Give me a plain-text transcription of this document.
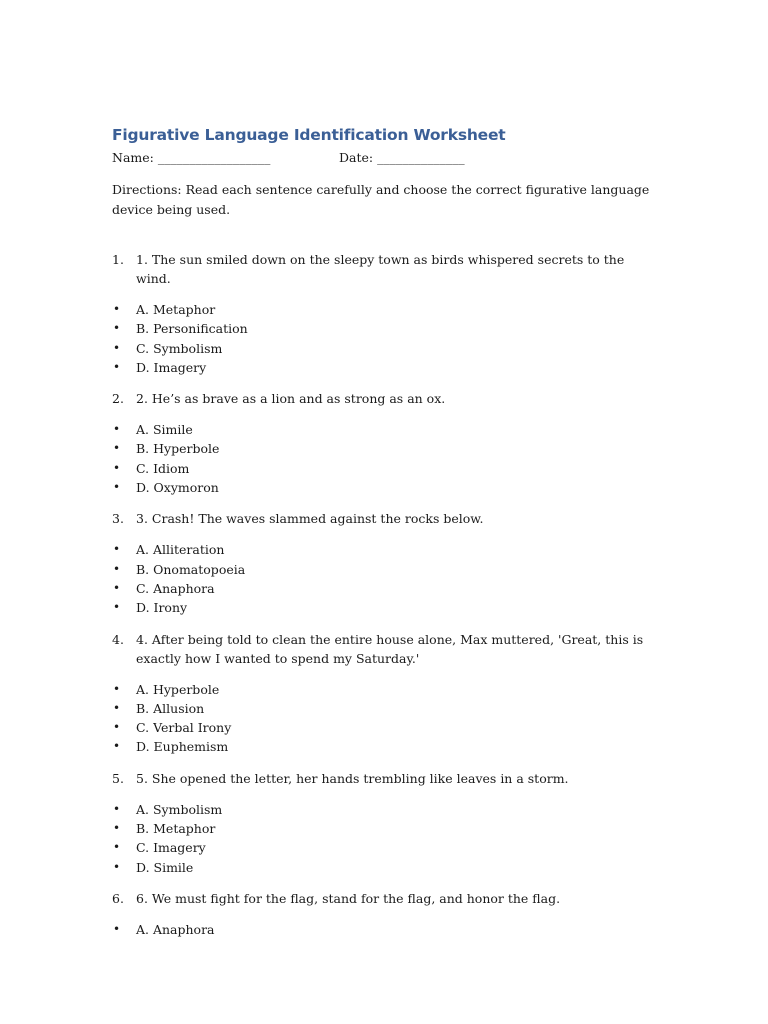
Figurative Language Identification Worksheet
Name: __________________	Date: ______________

Directions: Read each sentence carefully and choose the correct figurative language device being used.

1. 1. The sun smiled down on the sleepy town as birds whispered secrets to the wind.

• A. Metaphor
• B. Personification
• C. Symbolism
• D. Imagery

2. 2. He’s as brave as a lion and as strong as an ox.

• A. Simile
• B. Hyperbole
• C. Idiom
• D. Oxymoron

3. 3. Crash! The waves slammed against the rocks below.

• A. Alliteration
• B. Onomatopoeia
• C. Anaphora
• D. Irony

4. 4. After being told to clean the entire house alone, Max muttered, 'Great, this is exactly how I wanted to spend my Saturday.'

• A. Hyperbole
• B. Allusion
• C. Verbal Irony
• D. Euphemism

5. 5. She opened the letter, her hands trembling like leaves in a storm.

• A. Symbolism
• B. Metaphor
• C. Imagery
• D. Simile

6. 6. We must fight for the flag, stand for the flag, and honor the flag.

• A. Anaphora
